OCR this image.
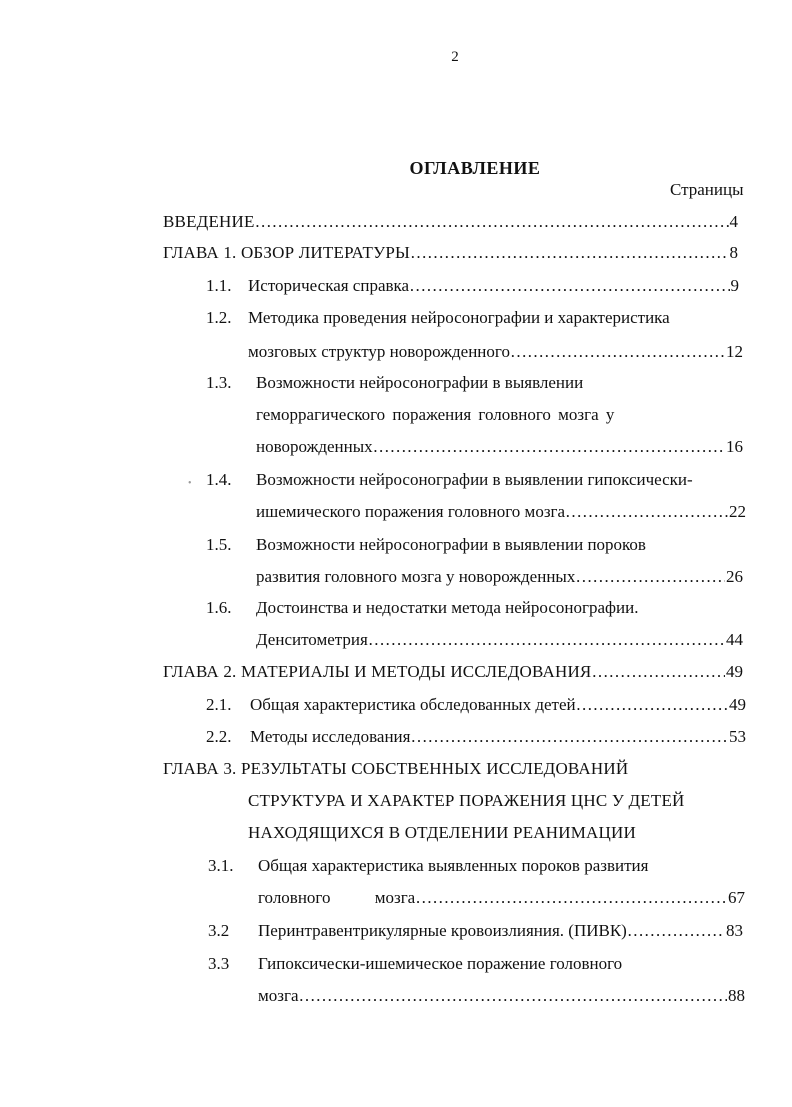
2
ОГЛАВЛЕНИЕ
Страницы
ВВЕДЕНИЕ …………………………………………………………………………………………………………………………………………………………	4
ГЛАВА 1. ОБЗОР ЛИТЕРАТУРЫ …………………………………………………………………………………………………………………………………………………………	8
1.1. Историческая справка …………………………………………………………………………………………………………………………………………………………	9
1.2. Методика проведения нейросонографии и характеристика
мозговых структур новорожденного …………………………………………………………………………………………………………………………………………………………	12
1.3.	Возможности нейросонографии в выявлении
геморрагического поражения головного мозга у
новорожденных …………………………………………………………………………………………………………………………………………………………	16
• 1.4.	Возможности нейросонографии в выявлении гипоксически-
ишемического поражения головного мозга …………………………………………………………………………………………………………………………………………………………	22
1.5.	Возможности нейросонографии в выявлении пороков
развития головного мозга у новорожденных …………………………………………………………………………………………………………………………………………………………	26
1.6.	Достоинства и недостатки метода нейросонографии.
Денситометрия …………………………………………………………………………………………………………………………………………………………	44
ГЛАВА 2. МАТЕРИАЛЫ И МЕТОДЫ ИССЛЕДОВАНИЯ …………………………………………………………………………………………………………………………………………………………	49
2.1.	Общая характеристика обследованных детей …………………………………………………………………………………………………………………………………………………………	49
2.2.	Методы исследования …………………………………………………………………………………………………………………………………………………………	53
ГЛАВА 3. РЕЗУЛЬТАТЫ СОБСТВЕННЫХ ИССЛЕДОВАНИЙ
СТРУКТУРА И ХАРАКТЕР ПОРАЖЕНИЯ ЦНС У ДЕТЕЙ
НАХОДЯЩИХСЯ В ОТДЕЛЕНИИ РЕАНИМАЦИИ
3.1.	Общая характеристика выявленных пороков развития
головного мозга …………………………………………………………………………………………………………………………………………………………	67
3.2	Перинтравентрикулярные кровоизлияния. (ПИВК) …………………………………………………………………………………………………………………………………………………………	83
3.3	Гипоксически-ишемическое поражение головного
мозга …………………………………………………………………………………………………………………………………………………………	88
